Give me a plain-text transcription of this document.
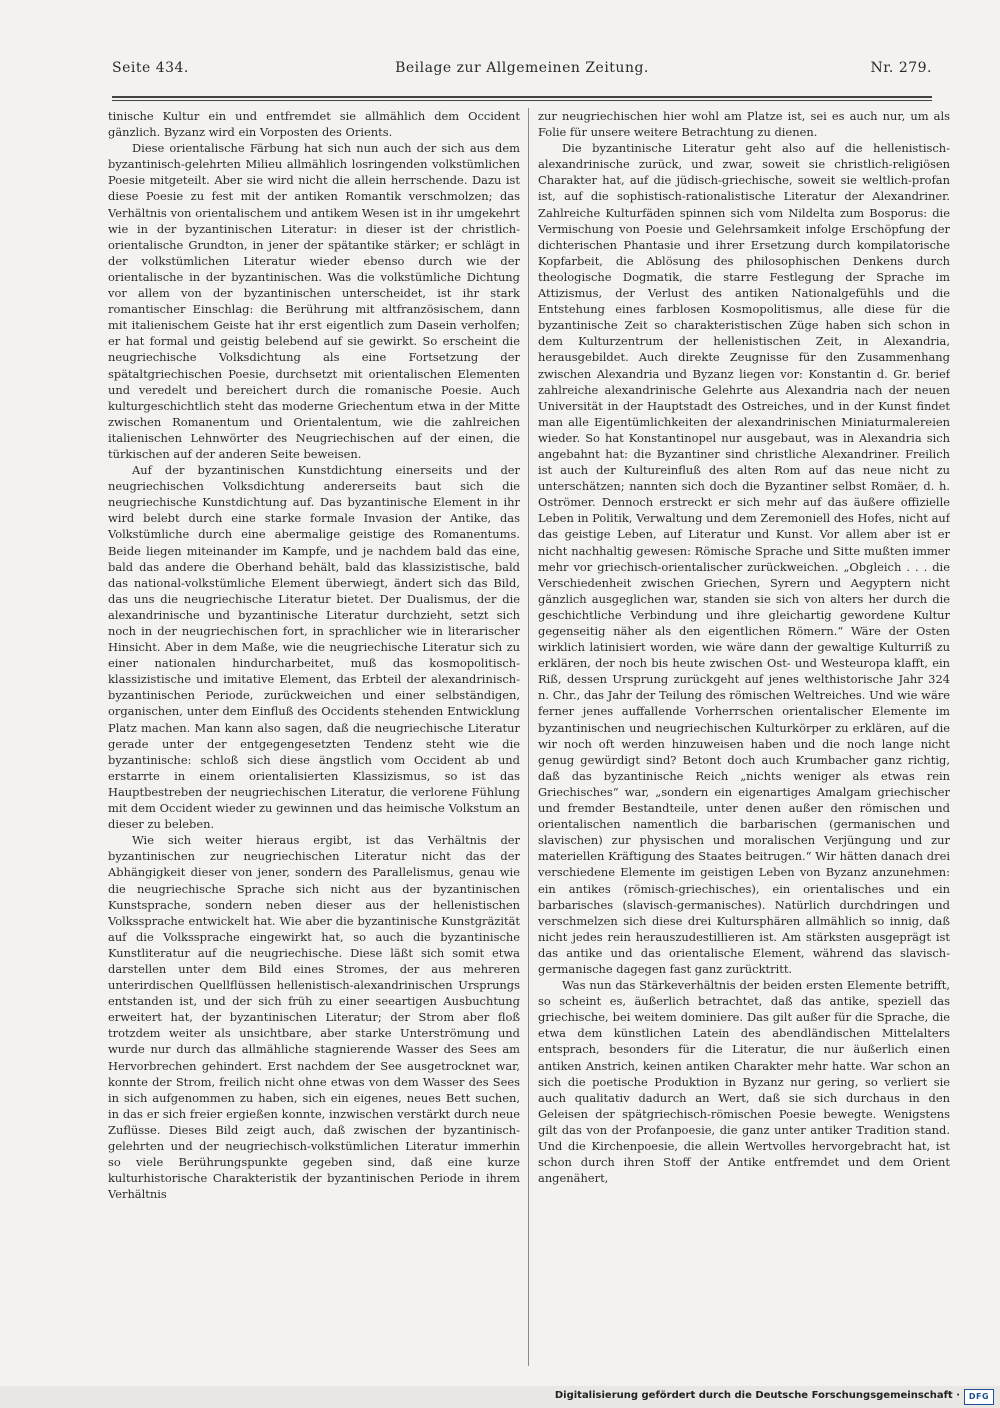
Seite 434.	Beilage zur Allgemeinen Zeitung.	Nr. 279.

tinische Kultur ein und entfremdet sie allmählich dem Occident gänzlich. Byzanz wird ein Vorposten des Orients.

Diese orientalische Färbung hat sich nun auch der sich aus dem byzantinisch-gelehrten Milieu allmählich losringenden volkstümlichen Poesie mitgeteilt. Aber sie wird nicht die allein herrschende. Dazu ist diese Poesie zu fest mit der antiken Romantik verschmolzen; das Verhältnis von orientalischem und antikem Wesen ist in ihr umgekehrt wie in der byzantinischen Literatur: in dieser ist der christlich-orientalische Grundton, in jener der spätantike stärker; er schlägt in der volkstümlichen Literatur wieder ebenso durch wie der orientalische in der byzantinischen. Was die volkstümliche Dichtung vor allem von der byzantinischen unterscheidet, ist ihr stark romantischer Einschlag: die Berührung mit altfranzösischem, dann mit italienischem Geiste hat ihr erst eigentlich zum Dasein verholfen; er hat formal und geistig belebend auf sie gewirkt. So erscheint die neugriechische Volksdichtung als eine Fortsetzung der spätaltgriechischen Poesie, durchsetzt mit orientalischen Elementen und veredelt und bereichert durch die romanische Poesie. Auch kulturgeschichtlich steht das moderne Griechentum etwa in der Mitte zwischen Romanentum und Orientalentum, wie die zahlreichen italienischen Lehnwörter des Neugriechischen auf der einen, die türkischen auf der anderen Seite beweisen.

Auf der byzantinischen Kunstdichtung einerseits und der neugriechischen Volksdichtung andererseits baut sich die neugriechische Kunstdichtung auf. Das byzantinische Element in ihr wird belebt durch eine starke formale Invasion der Antike, das Volkstümliche durch eine abermalige geistige des Romanentums. Beide liegen miteinander im Kampfe, und je nachdem bald das eine, bald das andere die Oberhand behält, bald das klassizistische, bald das national-volkstümliche Element überwiegt, ändert sich das Bild, das uns die neugriechische Literatur bietet. Der Dualismus, der die alexandrinische und byzantinische Literatur durchzieht, setzt sich noch in der neugriechischen fort, in sprachlicher wie in literarischer Hinsicht. Aber in dem Maße, wie die neugriechische Literatur sich zu einer nationalen hindurcharbeitet, muß das kosmopolitisch-klassizistische und imitative Element, das Erbteil der alexandrinisch-byzantinischen Periode, zurückweichen und einer selbständigen, organischen, unter dem Einfluß des Occidents stehenden Entwicklung Platz machen. Man kann also sagen, daß die neugriechische Literatur gerade unter der entgegengesetzten Tendenz steht wie die byzantinische: schloß sich diese ängstlich vom Occident ab und erstarrte in einem orientalisierten Klassizismus, so ist das Hauptbestreben der neugriechischen Literatur, die verlorene Fühlung mit dem Occident wieder zu gewinnen und das heimische Volkstum an dieser zu beleben.

Wie sich weiter hieraus ergibt, ist das Verhältnis der byzantinischen zur neugriechischen Literatur nicht das der Abhängigkeit dieser von jener, sondern des Parallelismus, genau wie die neugriechische Sprache sich nicht aus der byzantinischen Kunstsprache, sondern neben dieser aus der hellenistischen Volkssprache entwickelt hat. Wie aber die byzantinische Kunstgräzität auf die Volkssprache eingewirkt hat, so auch die byzantinische Kunstliteratur auf die neugriechische. Diese läßt sich somit etwa darstellen unter dem Bild eines Stromes, der aus mehreren unterirdischen Quellflüssen hellenistisch-alexandrinischen Ursprungs entstanden ist, und der sich früh zu einer seeartigen Ausbuchtung erweitert hat, der byzantinischen Literatur; der Strom aber floß trotzdem weiter als unsichtbare, aber starke Unterströmung und wurde nur durch das allmähliche stagnierende Wasser des Sees am Hervorbrechen gehindert. Erst nachdem der See ausgetrocknet war, konnte der Strom, freilich nicht ohne etwas von dem Wasser des Sees in sich aufgenommen zu haben, sich ein eigenes, neues Bett suchen, in das er sich freier ergießen konnte, inzwischen verstärkt durch neue Zuflüsse. Dieses Bild zeigt auch, daß zwischen der byzantinisch-gelehrten und der neugriechisch-volkstümlichen Literatur immerhin so viele Berührungspunkte gegeben sind, daß eine kurze kulturhistorische Charakteristik der byzantinischen Periode in ihrem Verhältnis

zur neugriechischen hier wohl am Platze ist, sei es auch nur, um als Folie für unsere weitere Betrachtung zu dienen.

Die byzantinische Literatur geht also auf die hellenistisch-alexandrinische zurück, und zwar, soweit sie christlich-religiösen Charakter hat, auf die jüdisch-griechische, soweit sie weltlich-profan ist, auf die sophistisch-rationalistische Literatur der Alexandriner. Zahlreiche Kulturfäden spinnen sich vom Nildelta zum Bosporus: die Vermischung von Poesie und Gelehrsamkeit infolge Erschöpfung der dichterischen Phantasie und ihrer Ersetzung durch kompilatorische Kopfarbeit, die Ablösung des philosophischen Denkens durch theologische Dogmatik, die starre Festlegung der Sprache im Attizismus, der Verlust des antiken Nationalgefühls und die Entstehung eines farblosen Kosmopolitismus, alle diese für die byzantinische Zeit so charakteristischen Züge haben sich schon in dem Kulturzentrum der hellenistischen Zeit, in Alexandria, herausgebildet. Auch direkte Zeugnisse für den Zusammenhang zwischen Alexandria und Byzanz liegen vor: Konstantin d. Gr. berief zahlreiche alexandrinische Gelehrte aus Alexandria nach der neuen Universität in der Hauptstadt des Ostreiches, und in der Kunst findet man alle Eigentümlichkeiten der alexandrinischen Miniaturmalereien wieder. So hat Konstantinopel nur ausgebaut, was in Alexandria sich angebahnt hat: die Byzantiner sind christliche Alexandriner. Freilich ist auch der Kultureinfluß des alten Rom auf das neue nicht zu unterschätzen; nannten sich doch die Byzantiner selbst Romäer, d. h. Oströmer. Dennoch erstreckt er sich mehr auf das äußere offizielle Leben in Politik, Verwaltung und dem Zeremoniell des Hofes, nicht auf das geistige Leben, auf Literatur und Kunst. Vor allem aber ist er nicht nachhaltig gewesen: Römische Sprache und Sitte mußten immer mehr vor griechisch-orientalischer zurückweichen. „Obgleich . . . die Verschiedenheit zwischen Griechen, Syrern und Aegyptern nicht gänzlich ausgeglichen war, standen sie sich von alters her durch die geschichtliche Verbindung und ihre gleichartig gewordene Kultur gegenseitig näher als den eigentlichen Römern.“ Wäre der Osten wirklich latinisiert worden, wie wäre dann der gewaltige Kulturriß zu erklären, der noch bis heute zwischen Ost- und Westeuropa klafft, ein Riß, dessen Ursprung zurückgeht auf jenes welthistorische Jahr 324 n. Chr., das Jahr der Teilung des römischen Weltreiches. Und wie wäre ferner jenes auffallende Vorherrschen orientalischer Elemente im byzantinischen und neugriechischen Kulturkörper zu erklären, auf die wir noch oft werden hinzuweisen haben und die noch lange nicht genug gewürdigt sind? Betont doch auch Krumbacher ganz richtig, daß das byzantinische Reich „nichts weniger als etwas rein Griechisches“ war, „sondern ein eigenartiges Amalgam griechischer und fremder Bestandteile, unter denen außer den römischen und orientalischen namentlich die barbarischen (germanischen und slavischen) zur physischen und moralischen Verjüngung und zur materiellen Kräftigung des Staates beitrugen.“ Wir hätten danach drei verschiedene Elemente im geistigen Leben von Byzanz anzunehmen: ein antikes (römisch-griechisches), ein orientalisches und ein barbarisches (slavisch-germanisches). Natürlich durchdringen und verschmelzen sich diese drei Kultursphären allmählich so innig, daß nicht jedes rein herauszudestillieren ist. Am stärksten ausgeprägt ist das antike und das orientalische Element, während das slavisch-germanische dagegen fast ganz zurücktritt.

Was nun das Stärkeverhältnis der beiden ersten Elemente betrifft, so scheint es, äußerlich betrachtet, daß das antike, speziell das griechische, bei weitem dominiere. Das gilt außer für die Sprache, die etwa dem künstlichen Latein des abendländischen Mittelalters entsprach, besonders für die Literatur, die nur äußerlich einen antiken Anstrich, keinen antiken Charakter mehr hatte. War schon an sich die poetische Produktion in Byzanz nur gering, so verliert sie auch qualitativ dadurch an Wert, daß sie sich durchaus in den Geleisen der spätgriechisch-römischen Poesie bewegte. Wenigstens gilt das von der Profanpoesie, die ganz unter antiker Tradition stand. Und die Kirchenpoesie, die allein Wertvolles hervorgebracht hat, ist schon durch ihren Stoff der Antike entfremdet und dem Orient angenähert,

Digitalisierung gefördert durch die Deutsche Forschungsgemeinschaft ·	DFG
